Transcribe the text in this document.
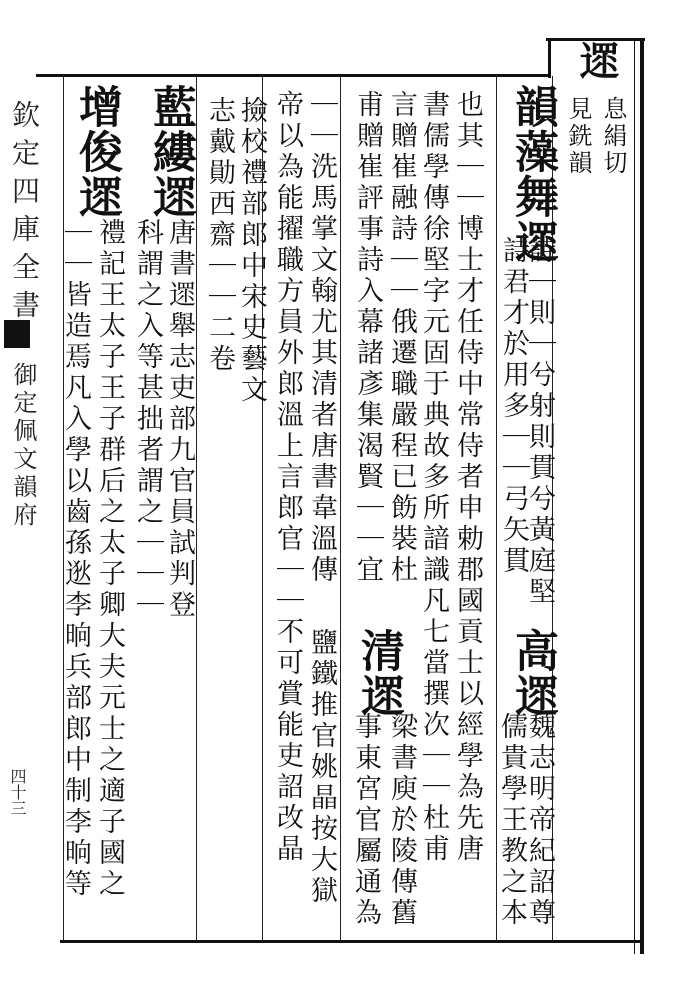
欽定四庫全書
御定佩文韻府
四十三
遝
息絹切
見銑韻
韻藻舞遝
詩｜則｜兮射則貫兮黃庭堅
詩君才於用多｜｜弓矢貫
高遝
魏志明帝紀詔尊
儒貴學王教之本
也其｜｜博士才任侍中常侍者申勅郡國貢士以經學為先唐
書儒學傳徐堅字元固于典故多所諳識凡七當撰次｜｜杜甫
言贈崔融詩｜｜俄遷職嚴程已飭裝杜
甫贈崔評事詩入幕諸彥集渴賢｜｜宜
清遝
梁書庾於陵傳舊
事東宮官屬通為
｜｜洗馬掌文翰尤其清者唐書韋溫傳
鹽鐵推官姚晶按大獄
帝以為能擢職方員外郎溫上言郎官｜｜不可賞能吏詔改晶
撿校禮部郎中宋史藝文
志戴勛西齋｜｜二卷
藍縷遝
唐書遝舉志吏部九官員試判登
科謂之入等甚拙者謂之｜｜｜
增俊遝
禮記王太子王子群后之太子卿大夫元士之適子國之
｜｜皆造焉凡入學以齒孫逖李晌兵部郎中制李晌等
